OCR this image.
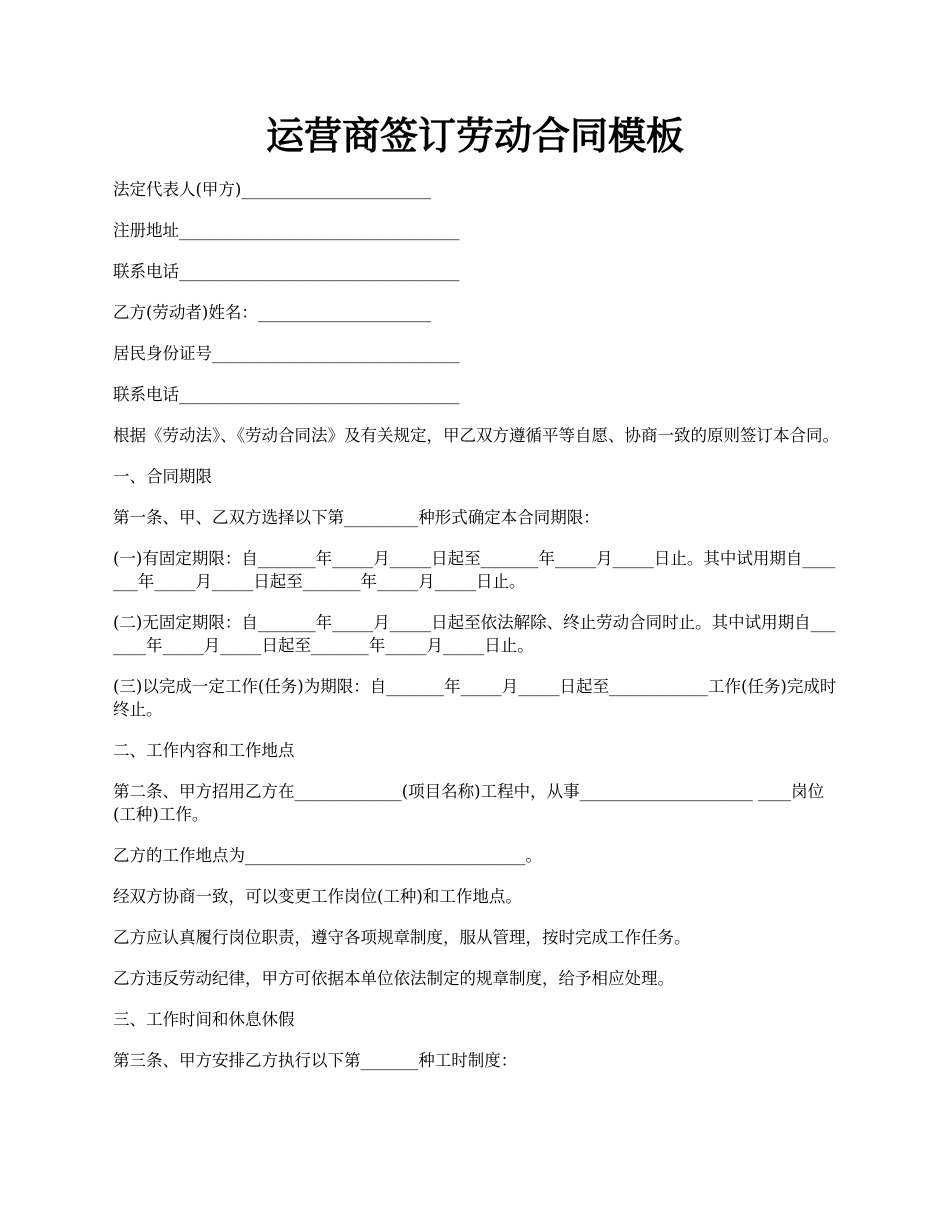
运营商签订劳动合同模板

法定代表人(甲方)_______________________

注册地址__________________________________

联系电话__________________________________

乙方(劳动者)姓名：_____________________

居民身份证号______________________________

联系电话__________________________________

根据《劳动法》、《劳动合同法》及有关规定，甲乙双方遵循平等自愿、协商一致的原则签订本合同。

一、合同期限

第一条、甲、乙双方选择以下第_________种形式确定本合同期限：

(一)有固定期限：自_______年_____月_____日起至_______年_____月_____日止。其中试用期自_______年_____月_____日起至_______年_____月_____日止。

(二)无固定期限：自_______年_____月_____日起至依法解除、终止劳动合同时止。其中试用期自_______年_____月_____日起至_______年_____月_____日止。

(三)以完成一定工作(任务)为期限：自_______年_____月_____日起至____________工作(任务)完成时终止。

二、工作内容和工作地点

第二条、甲方招用乙方在_____________(项目名称)工程中，从事_____________________ ____岗位(工种)工作。

乙方的工作地点为__________________________________。

经双方协商一致，可以变更工作岗位(工种)和工作地点。

乙方应认真履行岗位职责，遵守各项规章制度，服从管理，按时完成工作任务。

乙方违反劳动纪律，甲方可依据本单位依法制定的规章制度，给予相应处理。

三、工作时间和休息休假

第三条、甲方安排乙方执行以下第_______种工时制度：
